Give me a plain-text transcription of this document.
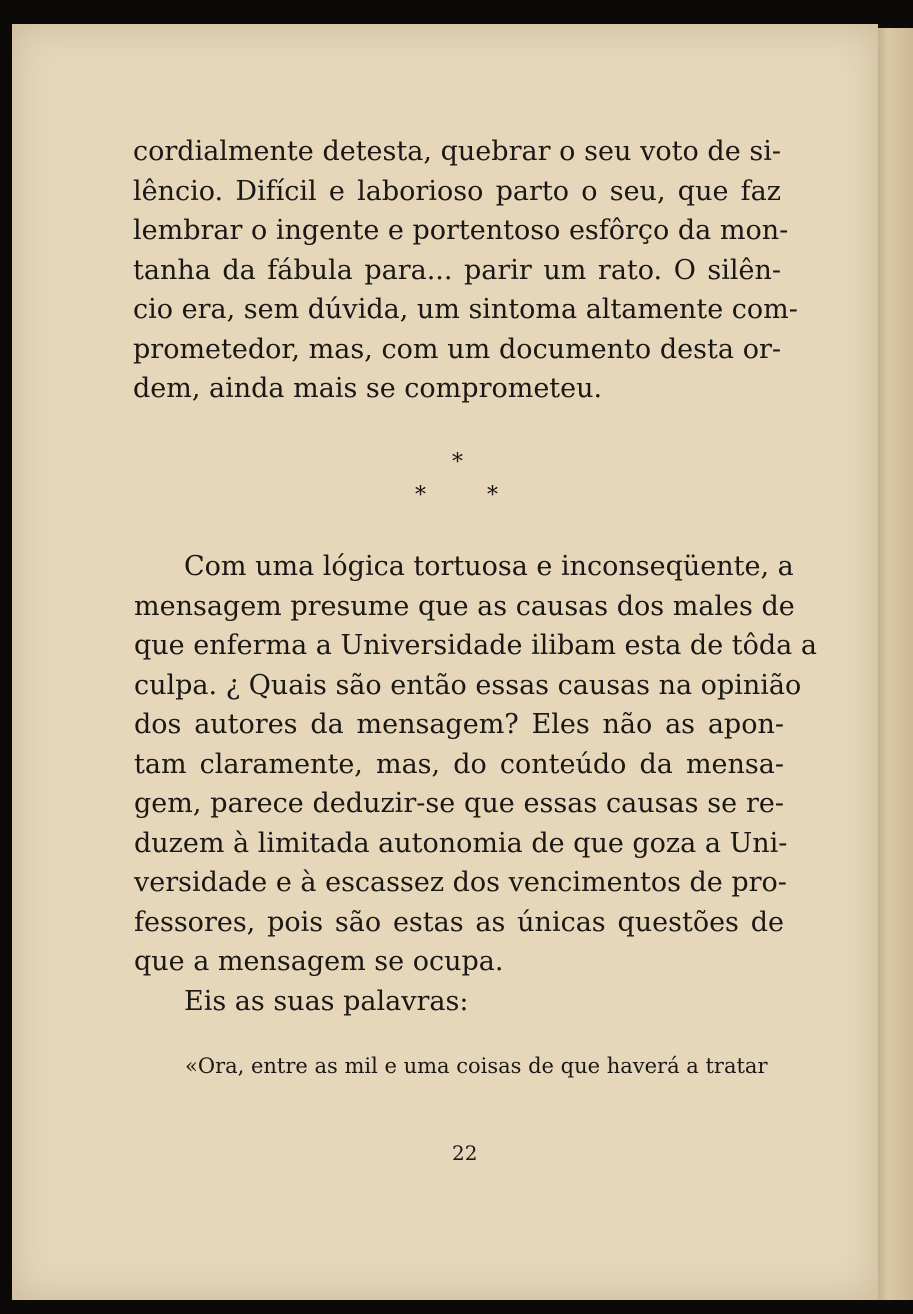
cordialmente detesta, quebrar o seu voto de si-
lêncio. Difícil e laborioso parto o seu, que faz
lembrar o ingente e portentoso esfôrço da mon-
tanha da fábula para... parir um rato. O silên-
cio era, sem dúvida, um sintoma altamente com-
prometedor, mas, com um documento desta or-
dem, ainda mais se comprometeu.
*
*	*
Com uma lógica tortuosa e inconseqüente, a
mensagem presume que as causas dos males de
que enferma a Universidade ilibam esta de tôda a
culpa. ¿ Quais são então essas causas na opinião
dos autores da mensagem? Eles não as apon-
tam claramente, mas, do conteúdo da mensa-
gem, parece deduzir-se que essas causas se re-
duzem à limitada autonomia de que goza a Uni-
versidade e à escassez dos vencimentos de pro-
fessores, pois são estas as únicas questões de
que a mensagem se ocupa.
Eis as suas palavras:
«Ora, entre as mil e uma coisas de que haverá a tratar
22
